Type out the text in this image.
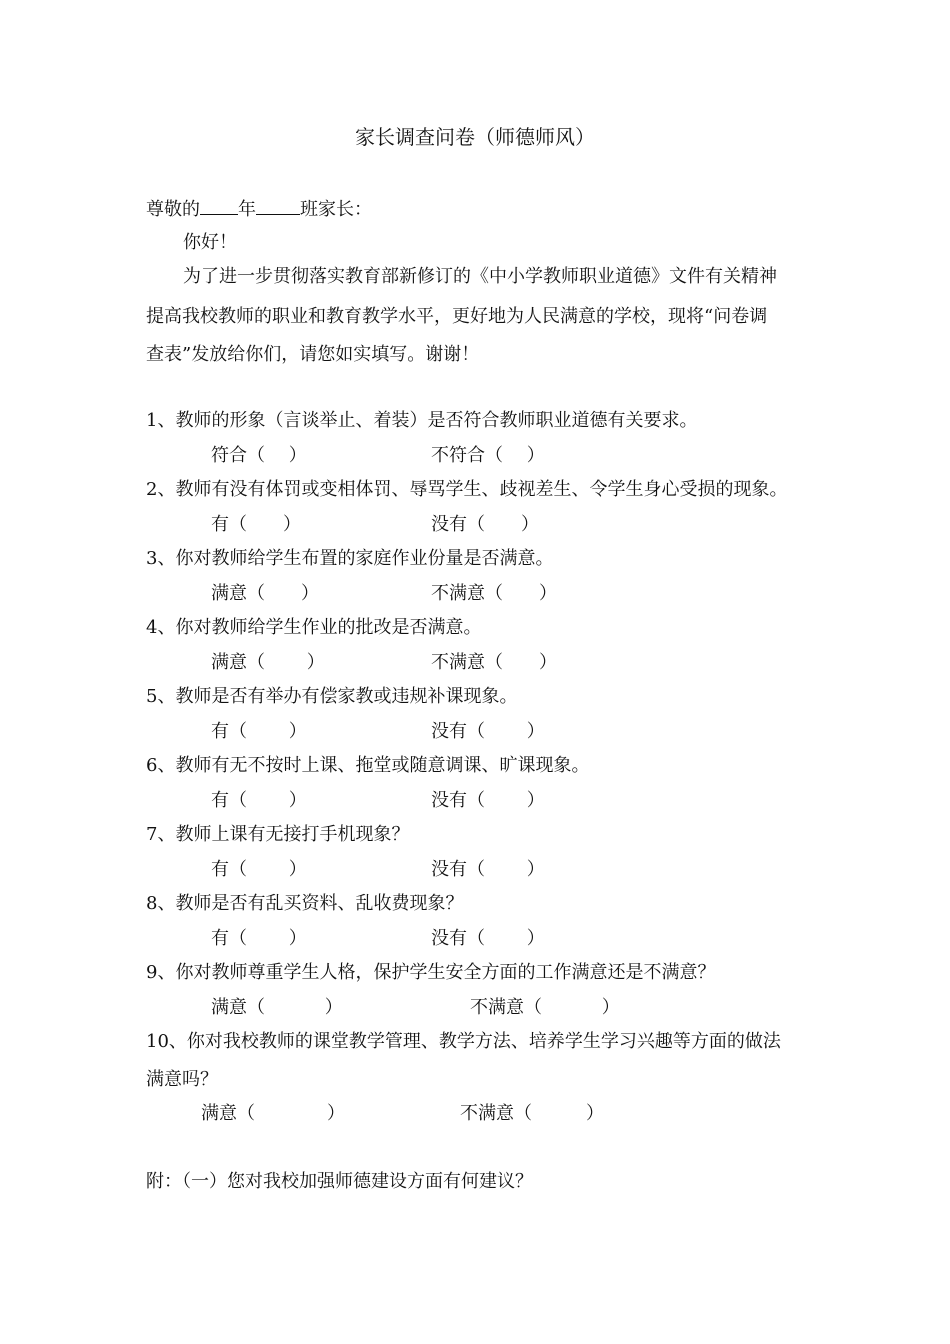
家长调查问卷（师德师风）
尊敬的 年 班家长：
你好！
为了进一步贯彻落实教育部新修订的《中小学教师职业道德》文件有关精神
提高我校教师的职业和教育教学水平，更好地为人民满意的学校，现将“问卷调
查表”发放给你们，请您如实填写。谢谢！
1、教师的形象（言谈举止、着装）是否符合教师职业道德有关要求。
符合（　 ）	不符合（　 ）
2、教师有没有体罚或变相体罚、辱骂学生、歧视差生、令学生身心受损的现象。
有（　　）	没有（　　）
3、你对教师给学生布置的家庭作业份量是否满意。
满意（　　）	不满意（　　）
4、你对教师给学生作业的批改是否满意。
满意（　　 ）	不满意（　　）
5、教师是否有举办有偿家教或违规补课现象。
有（　　 ）	没有（　　 ）
6、教师有无不按时上课、拖堂或随意调课、旷课现象。
有（　　 ）	没有（　　 ）
7、教师上课有无接打手机现象？
有（　　 ）	没有（　　 ）
8、教师是否有乱买资料、乱收费现象？
有（　　 ）	没有（　　 ）
9、你对教师尊重学生人格，保护学生安全方面的工作满意还是不满意？
满意（　　　 ）	不满意（　　　 ）
10、你对我校教师的课堂教学管理、教学方法、培养学生学习兴趣等方面的做法
满意吗？
满意（　　　　）	不满意（　　　）
附：（一）您对我校加强师德建设方面有何建议？
